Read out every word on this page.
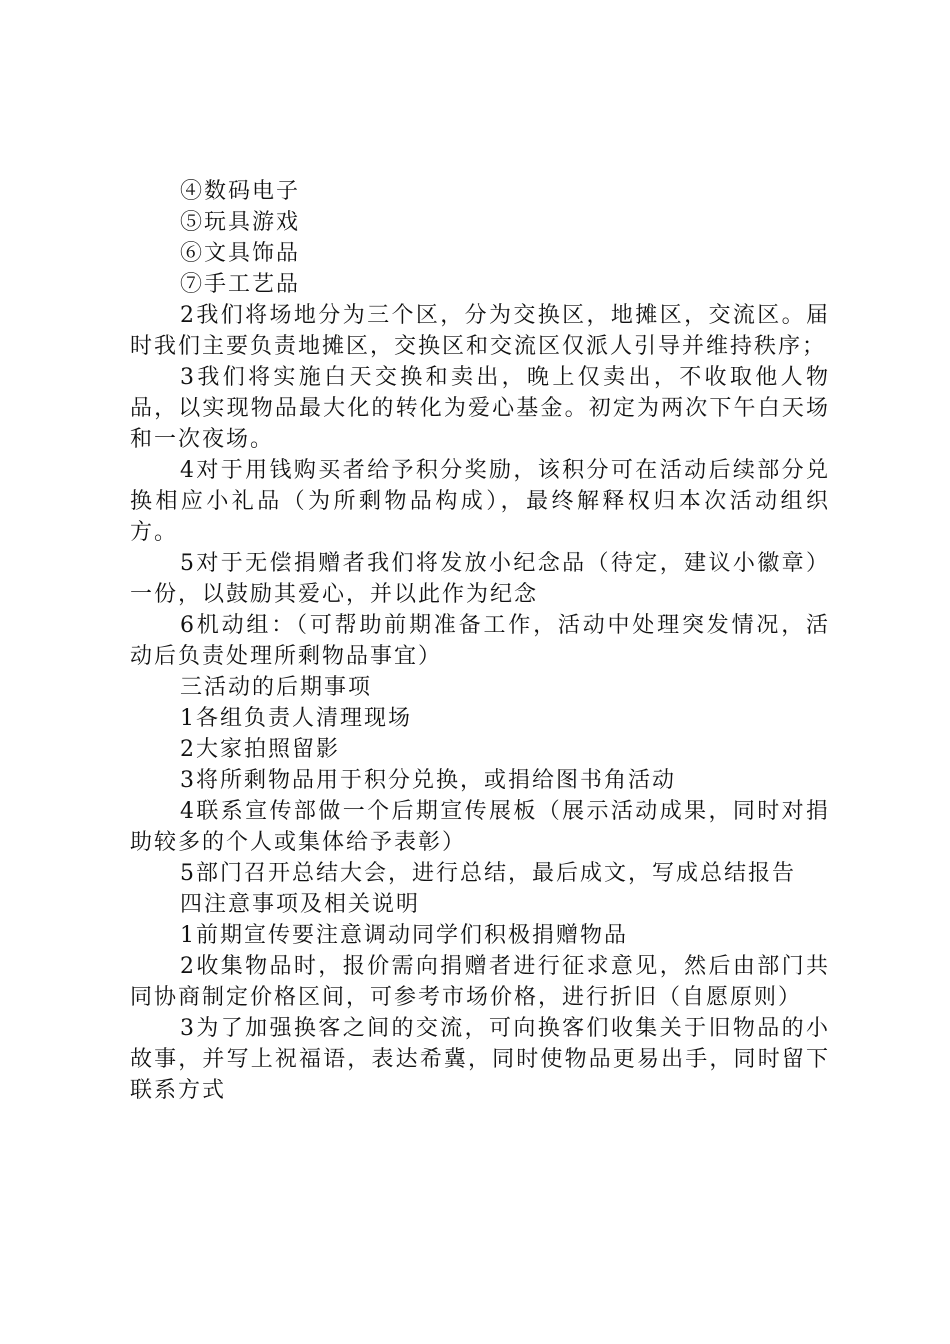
④数码电子

⑤玩具游戏

⑥文具饰品

⑦手工艺品

2我们将场地分为三个区，分为交换区，地摊区，交流区。届时我们主要负责地摊区，交换区和交流区仅派人引导并维持秩序；

3我们将实施白天交换和卖出，晚上仅卖出，不收取他人物品，以实现物品最大化的转化为爱心基金。初定为两次下午白天场和一次夜场。

4对于用钱购买者给予积分奖励，该积分可在活动后续部分兑换相应小礼品（为所剩物品构成），最终解释权归本次活动组织方。

5对于无偿捐赠者我们将发放小纪念品（待定，建议小徽章）一份，以鼓励其爱心，并以此作为纪念

6机动组：（可帮助前期准备工作，活动中处理突发情况，活动后负责处理所剩物品事宜）

三活动的后期事项

1各组负责人清理现场

2大家拍照留影

3将所剩物品用于积分兑换，或捐给图书角活动

4联系宣传部做一个后期宣传展板（展示活动成果，同时对捐助较多的个人或集体给予表彰）

5部门召开总结大会，进行总结，最后成文，写成总结报告

四注意事项及相关说明

1前期宣传要注意调动同学们积极捐赠物品

2收集物品时，报价需向捐赠者进行征求意见，然后由部门共同协商制定价格区间，可参考市场价格，进行折旧（自愿原则）

3为了加强换客之间的交流，可向换客们收集关于旧物品的小故事，并写上祝福语，表达希冀，同时使物品更易出手，同时留下联系方式
